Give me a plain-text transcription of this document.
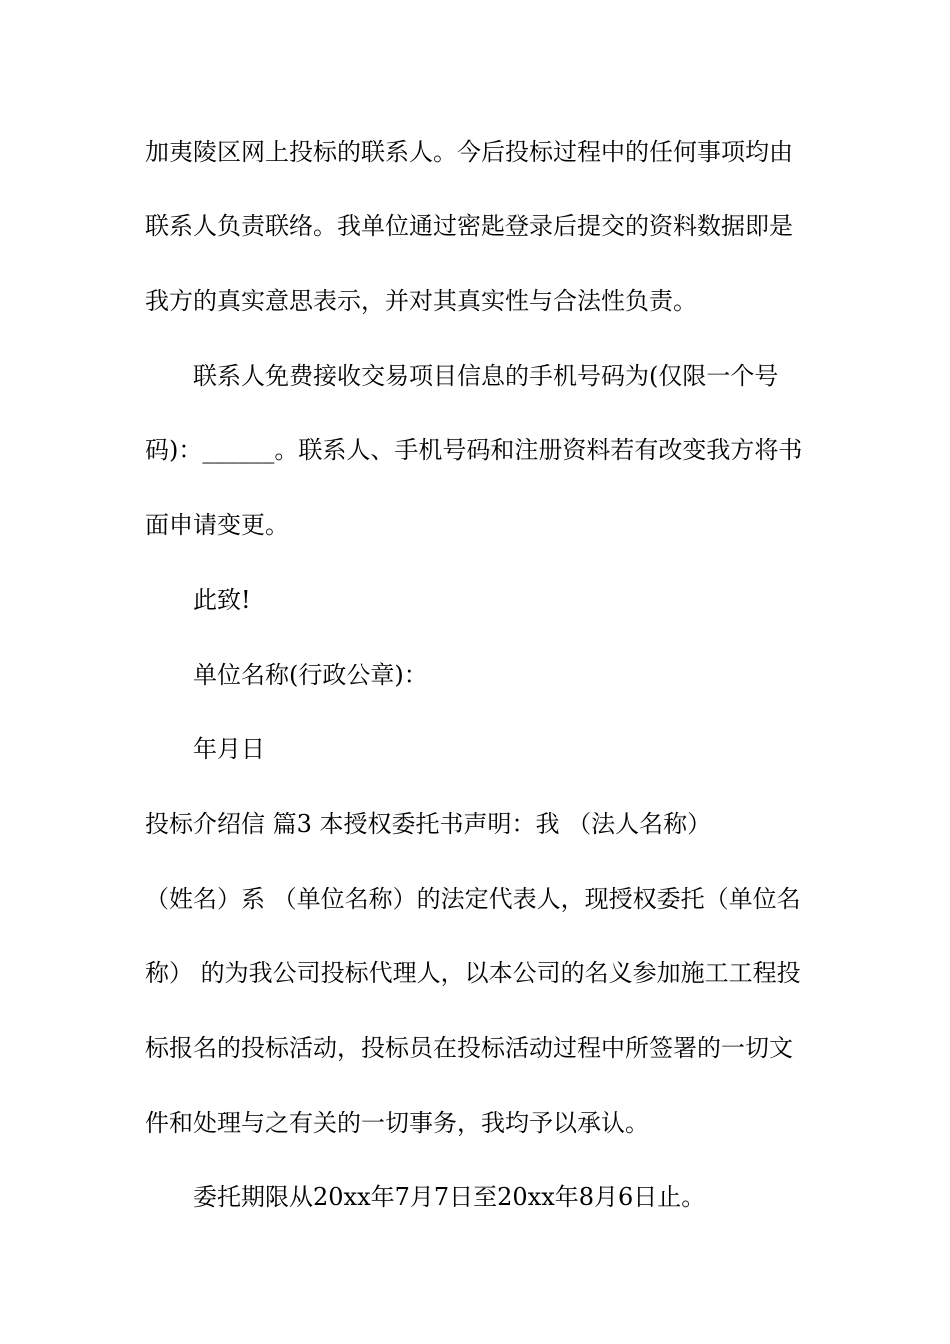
加夷陵区网上投标的联系人。今后投标过程中的任何事项均由
联系人负责联络。我单位通过密匙登录后提交的资料数据即是
我方的真实意思表示，并对其真实性与合法性负责。
联系人免费接收交易项目信息的手机号码为(仅限一个号
码)：______。联系人、手机号码和注册资料若有改变我方将书
面申请变更。
此致!
单位名称(行政公章)：
年月日
投标介绍信 篇3 本授权委托书声明：我 （法人名称）
（姓名）系 （单位名称）的法定代表人，现授权委托（单位名
称） 的为我公司投标代理人，以本公司的名义参加施工工程投
标报名的投标活动，投标员在投标活动过程中所签署的一切文
件和处理与之有关的一切事务，我均予以承认。
委托期限从20xx年7月7日至20xx年8月6日止。
